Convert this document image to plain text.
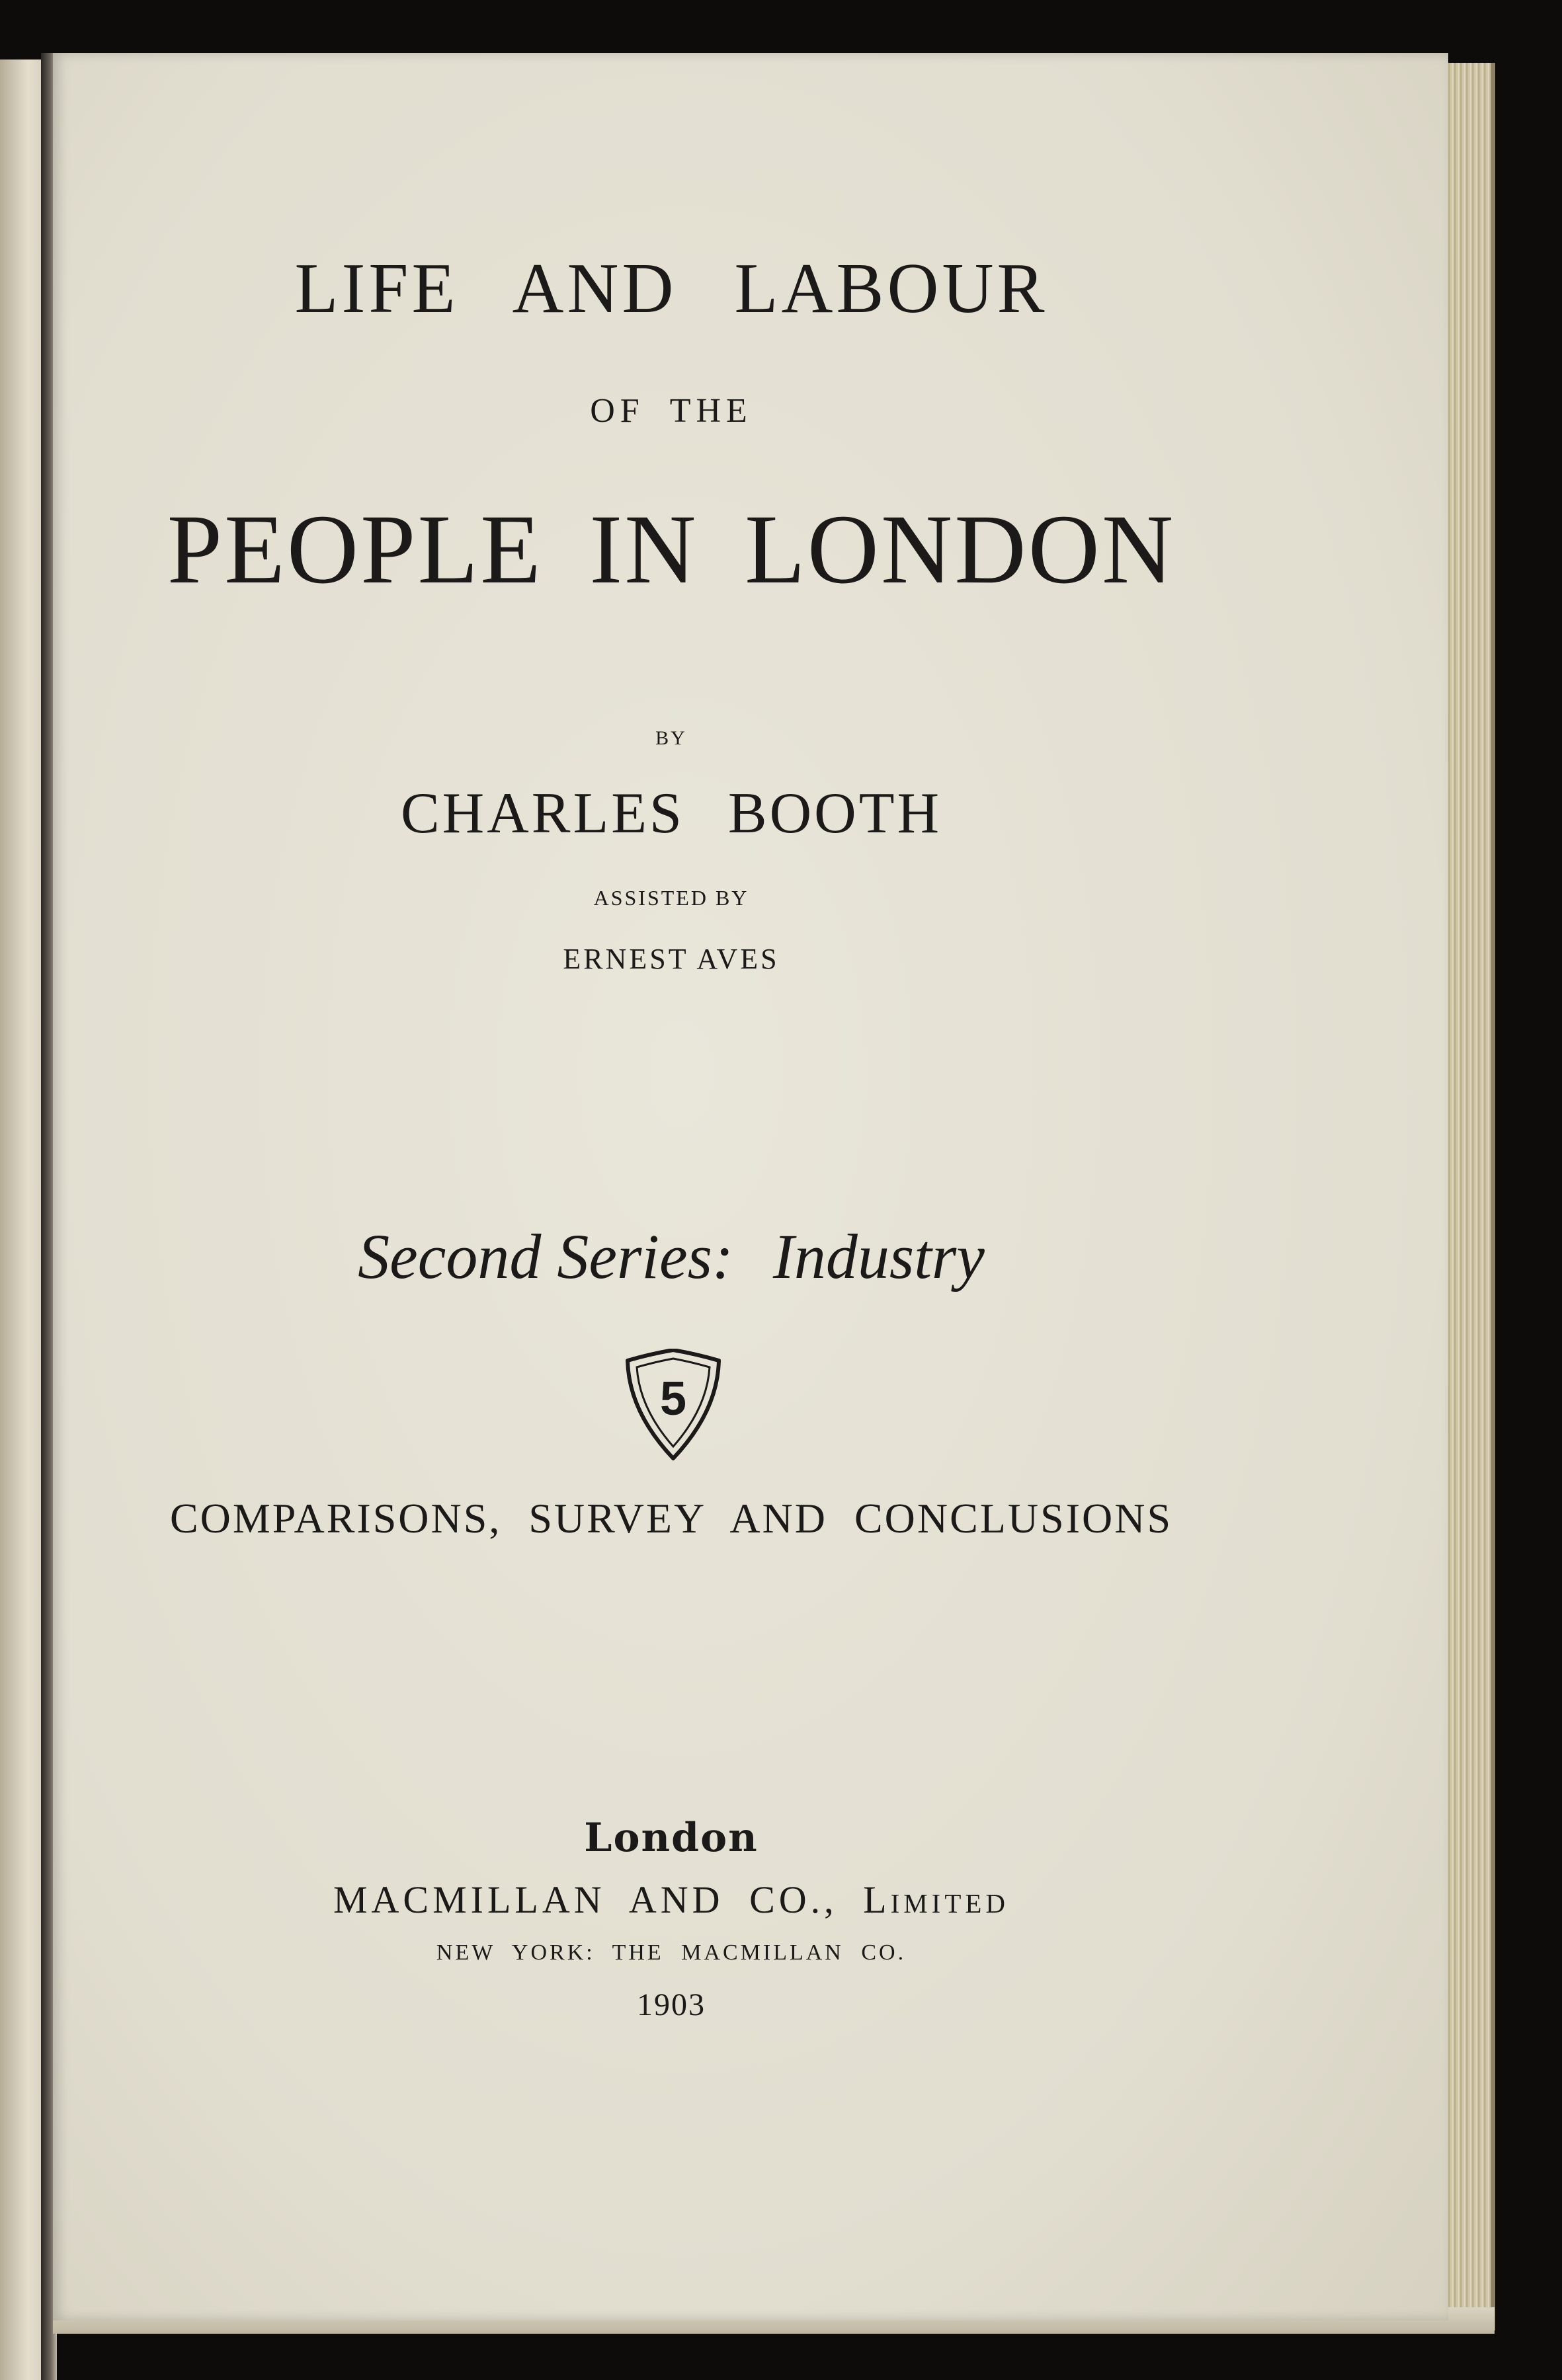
LIFE AND LABOUR

OF THE

PEOPLE IN LONDON

BY

CHARLES BOOTH

ASSISTED BY

ERNEST AVES

Second Series: Industry

5

COMPARISONS, SURVEY AND CONCLUSIONS

London

MACMILLAN AND CO., Limited

NEW YORK: THE MACMILLAN CO.

1903
